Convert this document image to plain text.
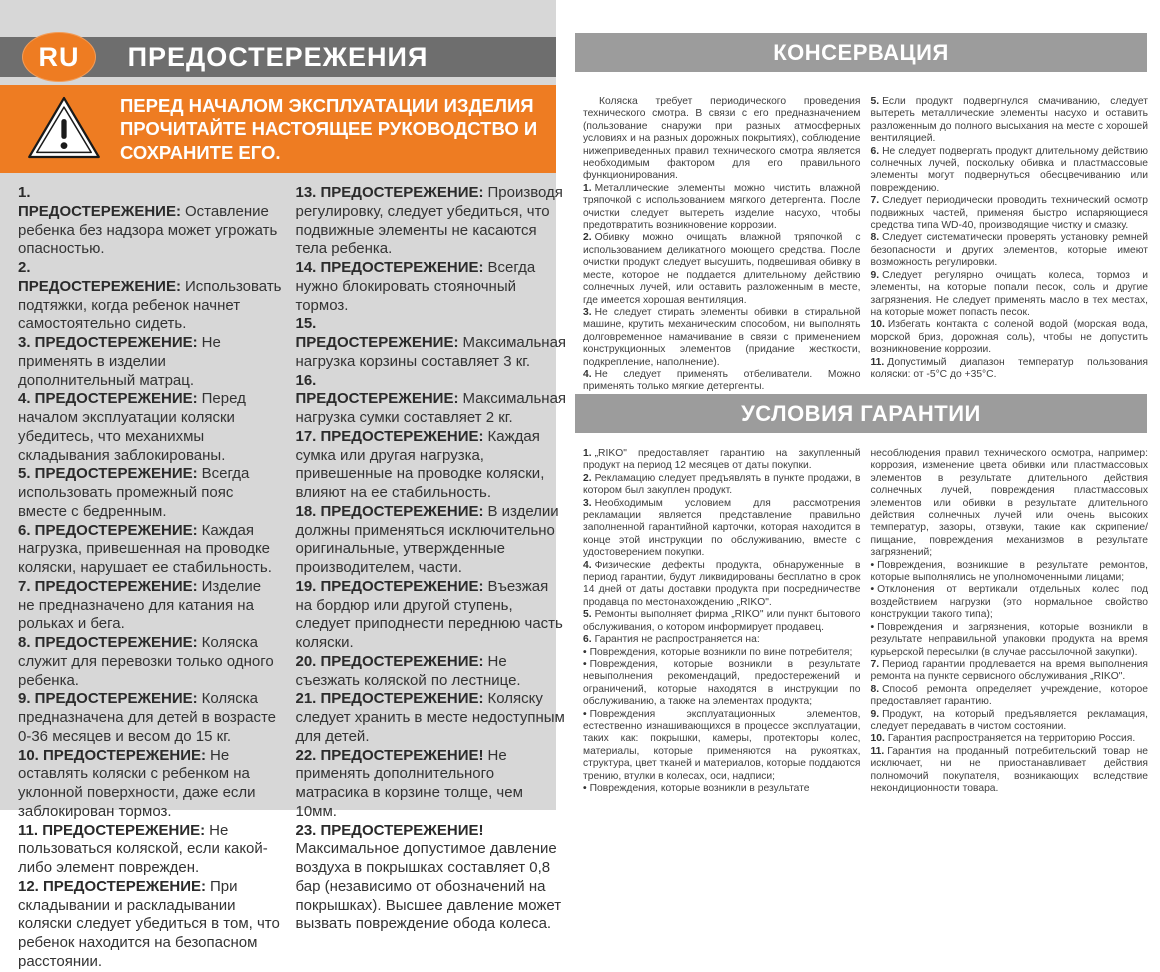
RU	ПРЕДОСТЕРЕЖЕНИЯ

ПЕРЕД НАЧАЛОМ ЭКСПЛУАТАЦИИ ИЗДЕЛИЯ ПРОЧИТАЙТЕ НАСТОЯЩЕЕ РУКОВОДСТВО И СОХРАНИТЕ ЕГО.

1. ПРЕДОСТЕРЕЖЕНИЕ: Оставление ребенка без надзора может угрожать опасностью.

2. ПРЕДОСТЕРЕЖЕНИЕ: Использовать подтяжки, когда ребенок начнет самостоятельно сидеть.

3. ПРЕДОСТЕРЕЖЕНИЕ: Не применять в изделии дополнительный матрац.

4. ПРЕДОСТЕРЕЖЕНИЕ: Перед началом эксплуатации коляски убедитесь, что механихмы складывания заблокированы.

5. ПРЕДОСТЕРЕЖЕНИЕ: Всегда использовать промежный пояс вместе с бедренным.

6. ПРЕДОСТЕРЕЖЕНИЕ: Каждая нагрузка, привешенная на проводке коляски, нарушает ее стабильность.

7. ПРЕДОСТЕРЕЖЕНИЕ: Изделие не предназначено для катания на рольках и бега.

8. ПРЕДОСТЕРЕЖЕНИЕ: Коляска служит для перевозки только одного ребенка.

9. ПРЕДОСТЕРЕЖЕНИЕ: Коляска предназначена для детей в возрасте 0-36 месяцев и весом до 15 кг.

10. ПРЕДОСТЕРЕЖЕНИЕ: Не оставлять коляски с ребенком на уклонной поверхности, даже если заблокирован тормоз.

11. ПРЕДОСТЕРЕЖЕНИЕ: Не пользоваться коляской, если какой-либо элемент поврежден.

12. ПРЕДОСТЕРЕЖЕНИЕ: При складывании и раскладывании коляски следует убедиться в том, что ребенок находится на безопасном расстоянии.

13. ПРЕДОСТЕРЕЖЕНИЕ: Производя регулировку, следует убедиться, что подвижные элементы не касаются тела ребенка.

14. ПРЕДОСТЕРЕЖЕНИЕ: Всегда нужно блокировать стояночный тормоз.

15. ПРЕДОСТЕРЕЖЕНИЕ: Максимальная нагрузка корзины составляет 3 кг.

16. ПРЕДОСТЕРЕЖЕНИЕ: Максимальная нагрузка сумки составляет 2 кг.

17. ПРЕДОСТЕРЕЖЕНИЕ: Каждая сумка или другая нагрузка, привешенные на проводке коляски, влияют на ее стабильность.

18. ПРЕДОСТЕРЕЖЕНИЕ: В изделии должны применяться исключительно оригинальные, утвержденные производителем, части.

19. ПРЕДОСТЕРЕЖЕНИЕ: Въезжая на бордюр или другой ступень, следует приподнести переднюю часть коляски.

20. ПРЕДОСТЕРЕЖЕНИЕ: Не съезжать коляской по лестнице.

21. ПРЕДОСТЕРЕЖЕНИЕ: Коляску следует хранить в месте недоступным для детей.

22. ПРЕДОСТЕРЕЖЕНИЕ! Не применять дополнительного матрасика в корзине толще, чем 10мм.

23. ПРЕДОСТЕРЕЖЕНИЕ!Максимальное допустимое давление воздуха в покрышках составляет 0,8 бар (независимо от обозначений на покрышках). Высшее давление может вызвать повреждение обода колеса.

КОНСЕРВАЦИЯ

Коляска требует периодического проведения технического смотра. В связи с его предназначением (пользование снаружи при разных атмосферных условиях и на разных дорожных покрытиях), соблюдение нижеприведенных правил технического смотра является необходимым фактором для его правильного функционирования.

1. Металлические элементы можно чистить влажной тряпочкой с использованием мягкого детергента. После очистки следует вытереть изделие насухо, чтобы предотвратить возникновение коррозии.

2. Обивку можно очищать влажной тряпочкой с использованием деликатного моющего средства. После очистки продукт следует высушить, подвешивая обивку в месте, которое не поддается длительному действию солнечных лучей, или оставить разложенным в месте, где имеется хорошая вентиляция.

3. Не следует стирать элементы обивки в стиральной машине, крутить механическим способом, ни выполнять долговременное намачивание в связи с применением конструкционных элементов (придание жесткости, подкрепление, наполнение).

4. Не следует применять отбеливатели. Можно применять только мягкие детергенты.

5. Если продукт подвергнулся смачиванию, следует вытереть металлические элементы насухо и оставить разложенным до полного высыхания на месте с хорошей вентиляцией.

6. Не следует подвергать продукт длительному действию солнечных лучей, поскольку обивка и пластмассовые элементы могут подвернуться обесцвечиванию или повреждению.

7. Следует периодически проводить технический осмотр подвижных частей, применяя быстро испаряющиеся средства типа WD-40, производящие чистку и смазку.

8. Следует систематически проверять установку ремней безопасности и других элементов, которые имеют возможность регулировки.

9. Следует регулярно очищать колеса, тормоз и элементы, на которые попали песок, соль и другие загрязнения. Не следует применять масло в тех местах, на которые может попасть песок.

10. Избегать контакта с соленой водой (морская вода, морской бриз, дорожная соль), чтобы не допустить возникновение коррозии.

11. Допустимый диапазон температур пользования коляски: от -5°C до +35°C.

УСЛОВИЯ ГАРАНТИИ

1. „RIKO" предоставляет гарантию на закупленный продукт на период 12 месяцев от даты покупки.

2. Рекламацию следует предъявлять в пункте продажи, в котором был закуплен продукт.

3. Необходимым условием для рассмотрения рекламации является представление правильно заполненной гарантийной карточки, которая находится в конце этой инструкции по обслуживанию, вместе с удостоверением покупки.

4. Физические дефекты продукта, обнаруженные в период гарантии, будут ликвидированы бесплатно в срок 14 дней от даты доставки продукта при посредничестве продавца по местонахождению „RIKO".

5. Ремонты выполняет фирма „RIKO" или пункт бытового обслуживания, о котором информирует продавец.

6. Гарантия не распространяется на:

• Повреждения, которые возникли по вине потребителя;

• Повреждения, которые возникли в результате невыполнения рекомендаций, предостережений и ограничений, которые находятся в инструкции по обслуживанию, а также на элементах продукта;

• Повреждения эксплуатационных элементов, естественно изнашивающихся в процессе эксплуатации, таких как: покрышки, камеры, протекторы колес, материалы, которые применяются на рукоятках, структура, цвет тканей и материалов, которые поддаются трению, втулки в колесах, оси, надписи;

• Повреждения, которые возникли в результате

несоблюдения правил технического осмотра, например: коррозия, изменение цвета обивки или пластмассовых элементов в результате длительного действия солнечных лучей, повреждения пластмассовых элементов или обивки в результате длительного действия солнечных лучей или очень высоких температур, зазоры, отзвуки, такие как скрипение/ пищание, повреждения механизмов в результате загрязнений;

• Повреждения, возникшие в результате ремонтов, которые выполнялись не уполномоченными лицами;

• Отклонения от вертикали отдельных колес под воздействием нагрузки (это нормальное свойство конструкции такого типа);

• Повреждения и загрязнения, которые возникли в результате неправильной упаковки продукта на время курьерской пересылки (в случае рассылочной закупки).

7. Период гарантии продлевается на время выполнения ремонта на пункте сервисного обслуживания „RIKO".

8. Способ ремонта определяет учреждение, которое предоставляет гарантию.

9. Продукт, на который предъявляется рекламация, следует передавать в чистом состоянии.

10. Гарантия распространяется на территорию Россия.

11. Гарантия на проданный потребительский товар не исключает, ни не приостанавливает действия полномочий покупателя, возникающих вследствие некондиционности товара.
